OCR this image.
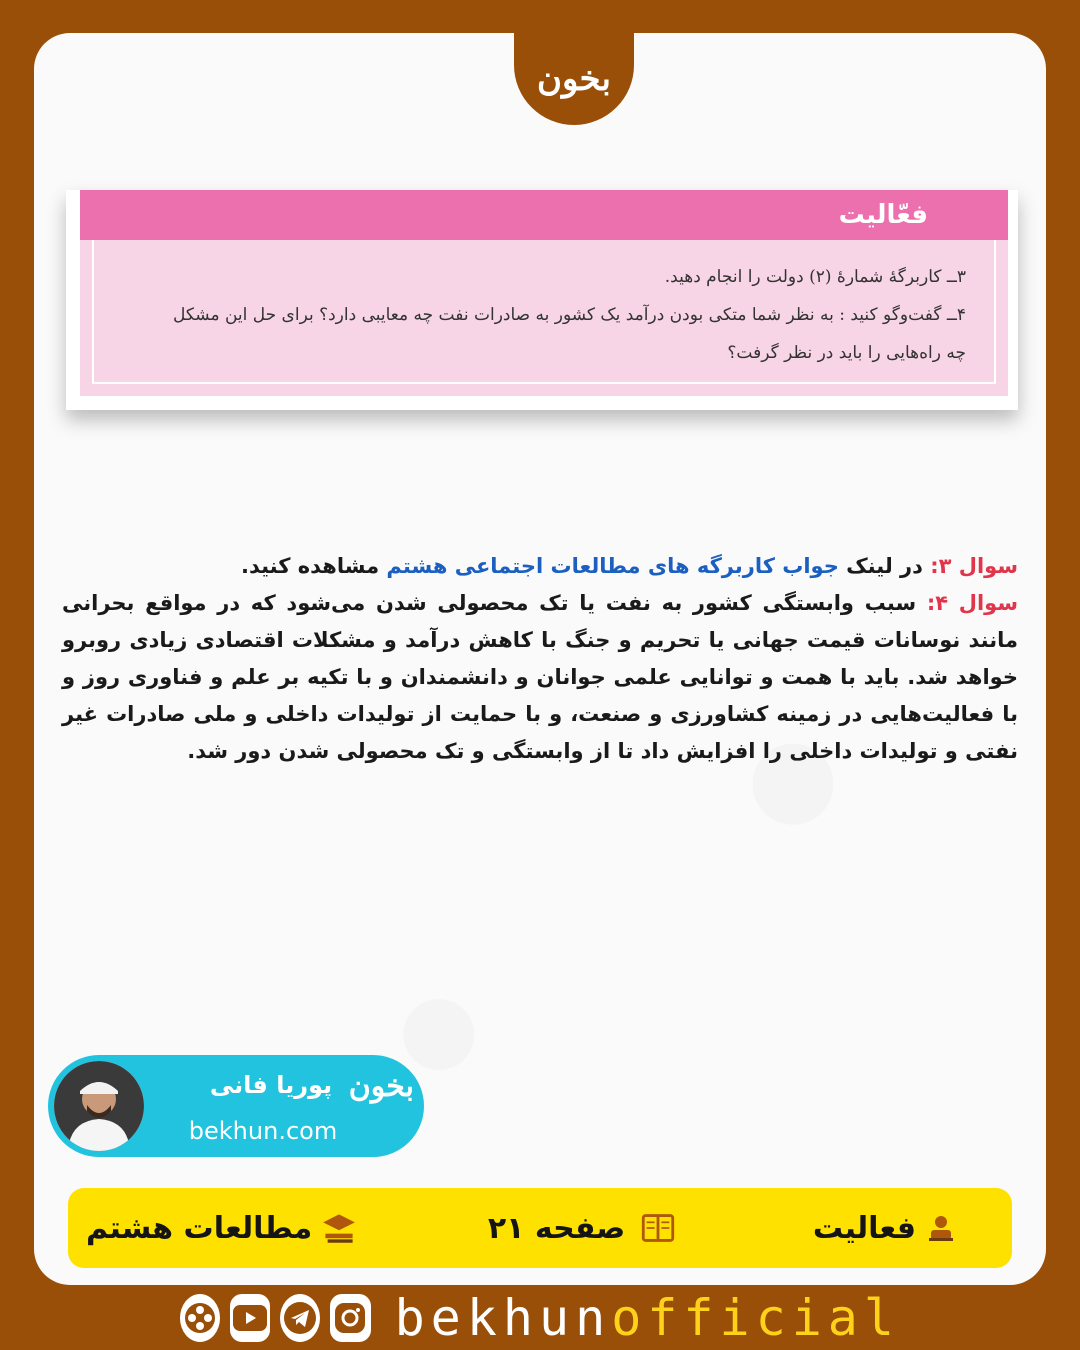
بخون
فعّالیت
۳ــ کاربرگهٔ شمارهٔ (۲) دولت را انجام دهید.
۴ــ گفت‌وگو کنید : به نظر شما متکی بودن درآمد یک کشور به صادرات نفت چه معایبی دارد؟ برای حل این مشکل
چه راه‌هایی را باید در نظر گرفت؟
سوال ۳: در لینک جواب کاربرگه های مطالعات اجتماعی هشتم مشاهده کنید.
سوال ۴: سبب وابستگی کشور به نفت یا تک محصولی شدن می‌شود که در مواقع بحرانی مانند نوسانات قیمت جهانی یا تحریم و جنگ با کاهش درآمد و مشکلات اقتصادی زیادی روبرو خواهد شد. باید با همت و توانایی علمی جوانان و دانشمندان و با تکیه بر علم و فناوری روز و با فعالیت‌هایی در زمینه کشاورزی و صنعت، و با حمایت از تولیدات داخلی و ملی صادرات غیر نفتی و تولیدات داخلی را افزایش داد تا از وابستگی و تک محصولی شدن دور شد.
پوریا فانی
bekhun.com
بخون
فعالیت
صفحه ۲۱
مطالعات هشتم
bekhunofficial
